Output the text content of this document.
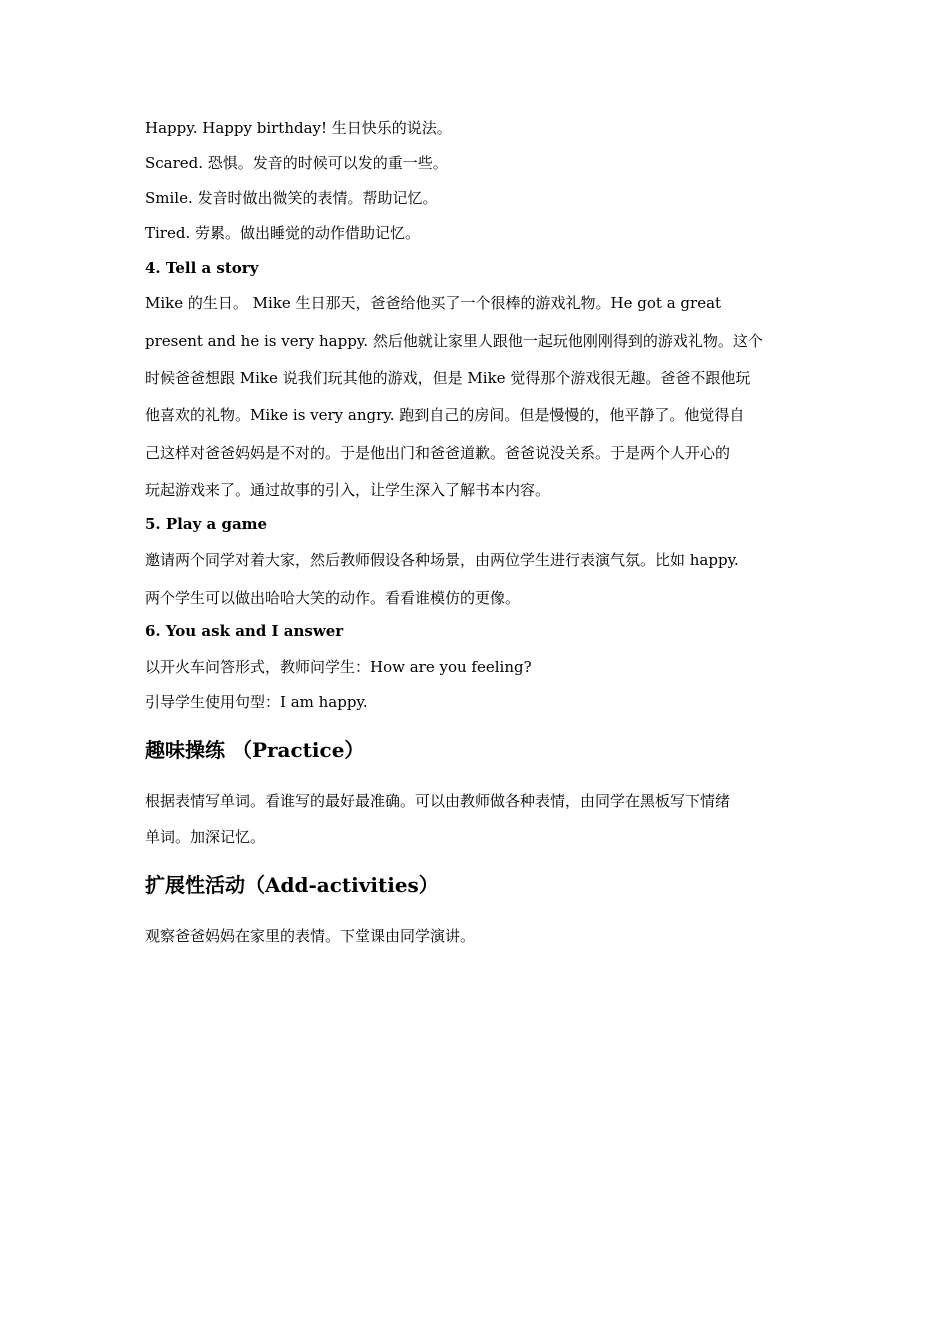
Happy. Happy birthday! 生日快乐的说法。
Scared. 恐惧。发音的时候可以发的重一些。
Smile. 发音时做出微笑的表情。帮助记忆。
Tired. 劳累。做出睡觉的动作借助记忆。
4. Tell a story
Mike 的生日。 Mike 生日那天，爸爸给他买了一个很棒的游戏礼物。He got a great
present and he is very happy. 然后他就让家里人跟他一起玩他刚刚得到的游戏礼物。这个
时候爸爸想跟 Mike 说我们玩其他的游戏，但是 Mike 觉得那个游戏很无趣。爸爸不跟他玩
他喜欢的礼物。Mike is very angry. 跑到自己的房间。但是慢慢的，他平静了。他觉得自
己这样对爸爸妈妈是不对的。于是他出门和爸爸道歉。爸爸说没关系。于是两个人开心的
玩起游戏来了。通过故事的引入，让学生深入了解书本内容。
5. Play a game
邀请两个同学对着大家，然后教师假设各种场景，由两位学生进行表演气氛。比如 happy.
两个学生可以做出哈哈大笑的动作。看看谁模仿的更像。
6. You ask and I answer
以开火车问答形式，教师问学生：How are you feeling?
引导学生使用句型：I am happy.
趣味操练 （Practice）
根据表情写单词。看谁写的最好最准确。可以由教师做各种表情，由同学在黑板写下情绪
单词。加深记忆。
扩展性活动（Add-activities）
观察爸爸妈妈在家里的表情。下堂课由同学演讲。
